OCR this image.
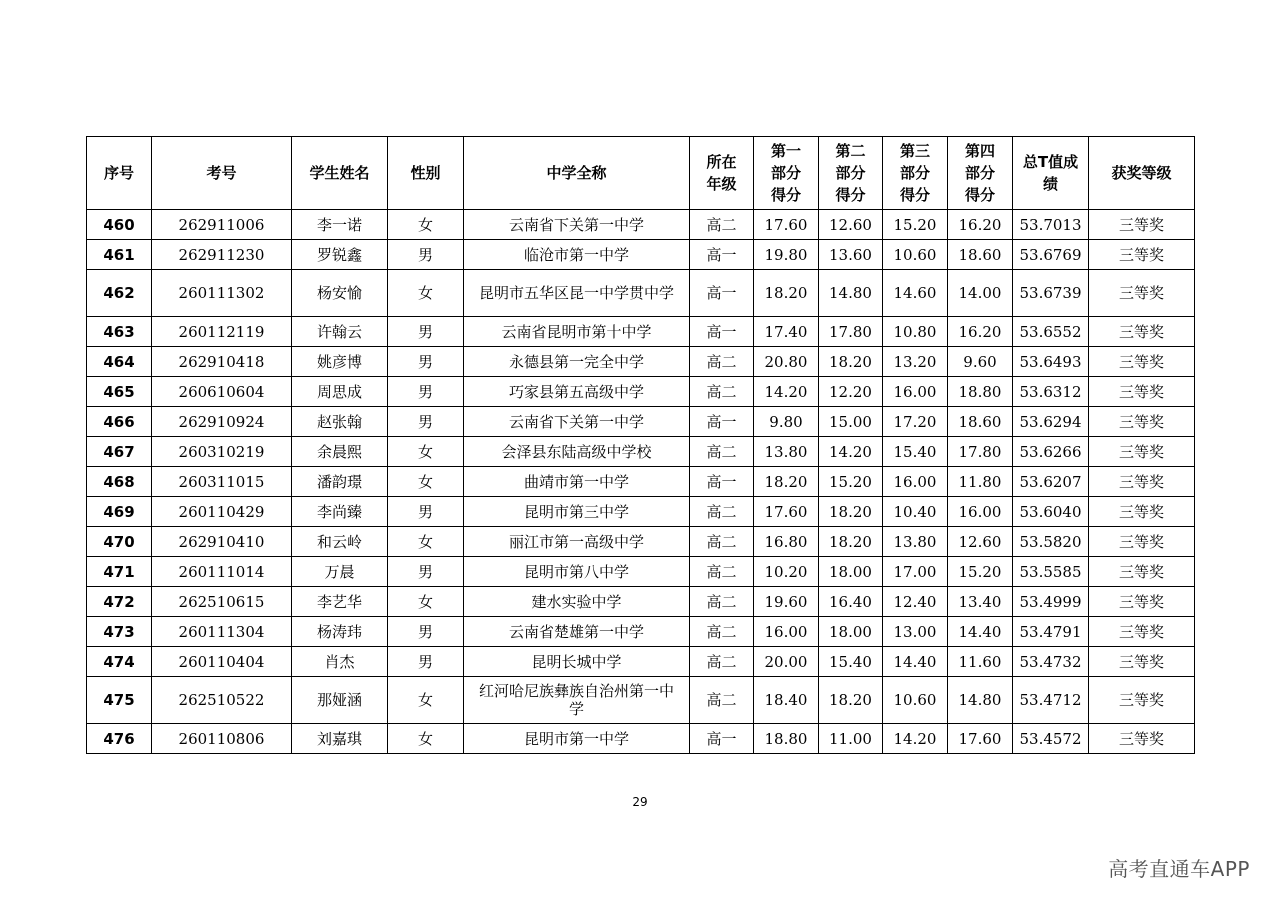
序号	考号	学生姓名	性别	中学全称	所在年级	第一部分得分	第二部分得分	第三部分得分	第四部分得分	总T值成绩	获奖等级
460	262911006	李一诺	女	云南省下关第一中学	高二	17.60	12.60	15.20	16.20	53.7013	三等奖
461	262911230	罗锐鑫	男	临沧市第一中学	高一	19.80	13.60	10.60	18.60	53.6769	三等奖
462	260111302	杨安愉	女	昆明市五华区昆一中学贯中学	高一	18.20	14.80	14.60	14.00	53.6739	三等奖
463	260112119	许翰云	男	云南省昆明市第十中学	高一	17.40	17.80	10.80	16.20	53.6552	三等奖
464	262910418	姚彦博	男	永德县第一完全中学	高二	20.80	18.20	13.20	9.60	53.6493	三等奖
465	260610604	周思成	男	巧家县第五高级中学	高二	14.20	12.20	16.00	18.80	53.6312	三等奖
466	262910924	赵张翰	男	云南省下关第一中学	高一	9.80	15.00	17.20	18.60	53.6294	三等奖
467	260310219	余晨熙	女	会泽县东陆高级中学校	高二	13.80	14.20	15.40	17.80	53.6266	三等奖
468	260311015	潘韵璟	女	曲靖市第一中学	高一	18.20	15.20	16.00	11.80	53.6207	三等奖
469	260110429	李尚臻	男	昆明市第三中学	高二	17.60	18.20	10.40	16.00	53.6040	三等奖
470	262910410	和云岭	女	丽江市第一高级中学	高二	16.80	18.20	13.80	12.60	53.5820	三等奖
471	260111014	万晨	男	昆明市第八中学	高二	10.20	18.00	17.00	15.20	53.5585	三等奖
472	262510615	李艺华	女	建水实验中学	高二	19.60	16.40	12.40	13.40	53.4999	三等奖
473	260111304	杨涛玮	男	云南省楚雄第一中学	高二	16.00	18.00	13.00	14.40	53.4791	三等奖
474	260110404	肖杰	男	昆明长城中学	高二	20.00	15.40	14.40	11.60	53.4732	三等奖
475	262510522	那娅涵	女	红河哈尼族彝族自治州第一中学	高二	18.40	18.20	10.60	14.80	53.4712	三等奖
476	260110806	刘嘉琪	女	昆明市第一中学	高一	18.80	11.00	14.20	17.60	53.4572	三等奖
29
高考直通车APP
